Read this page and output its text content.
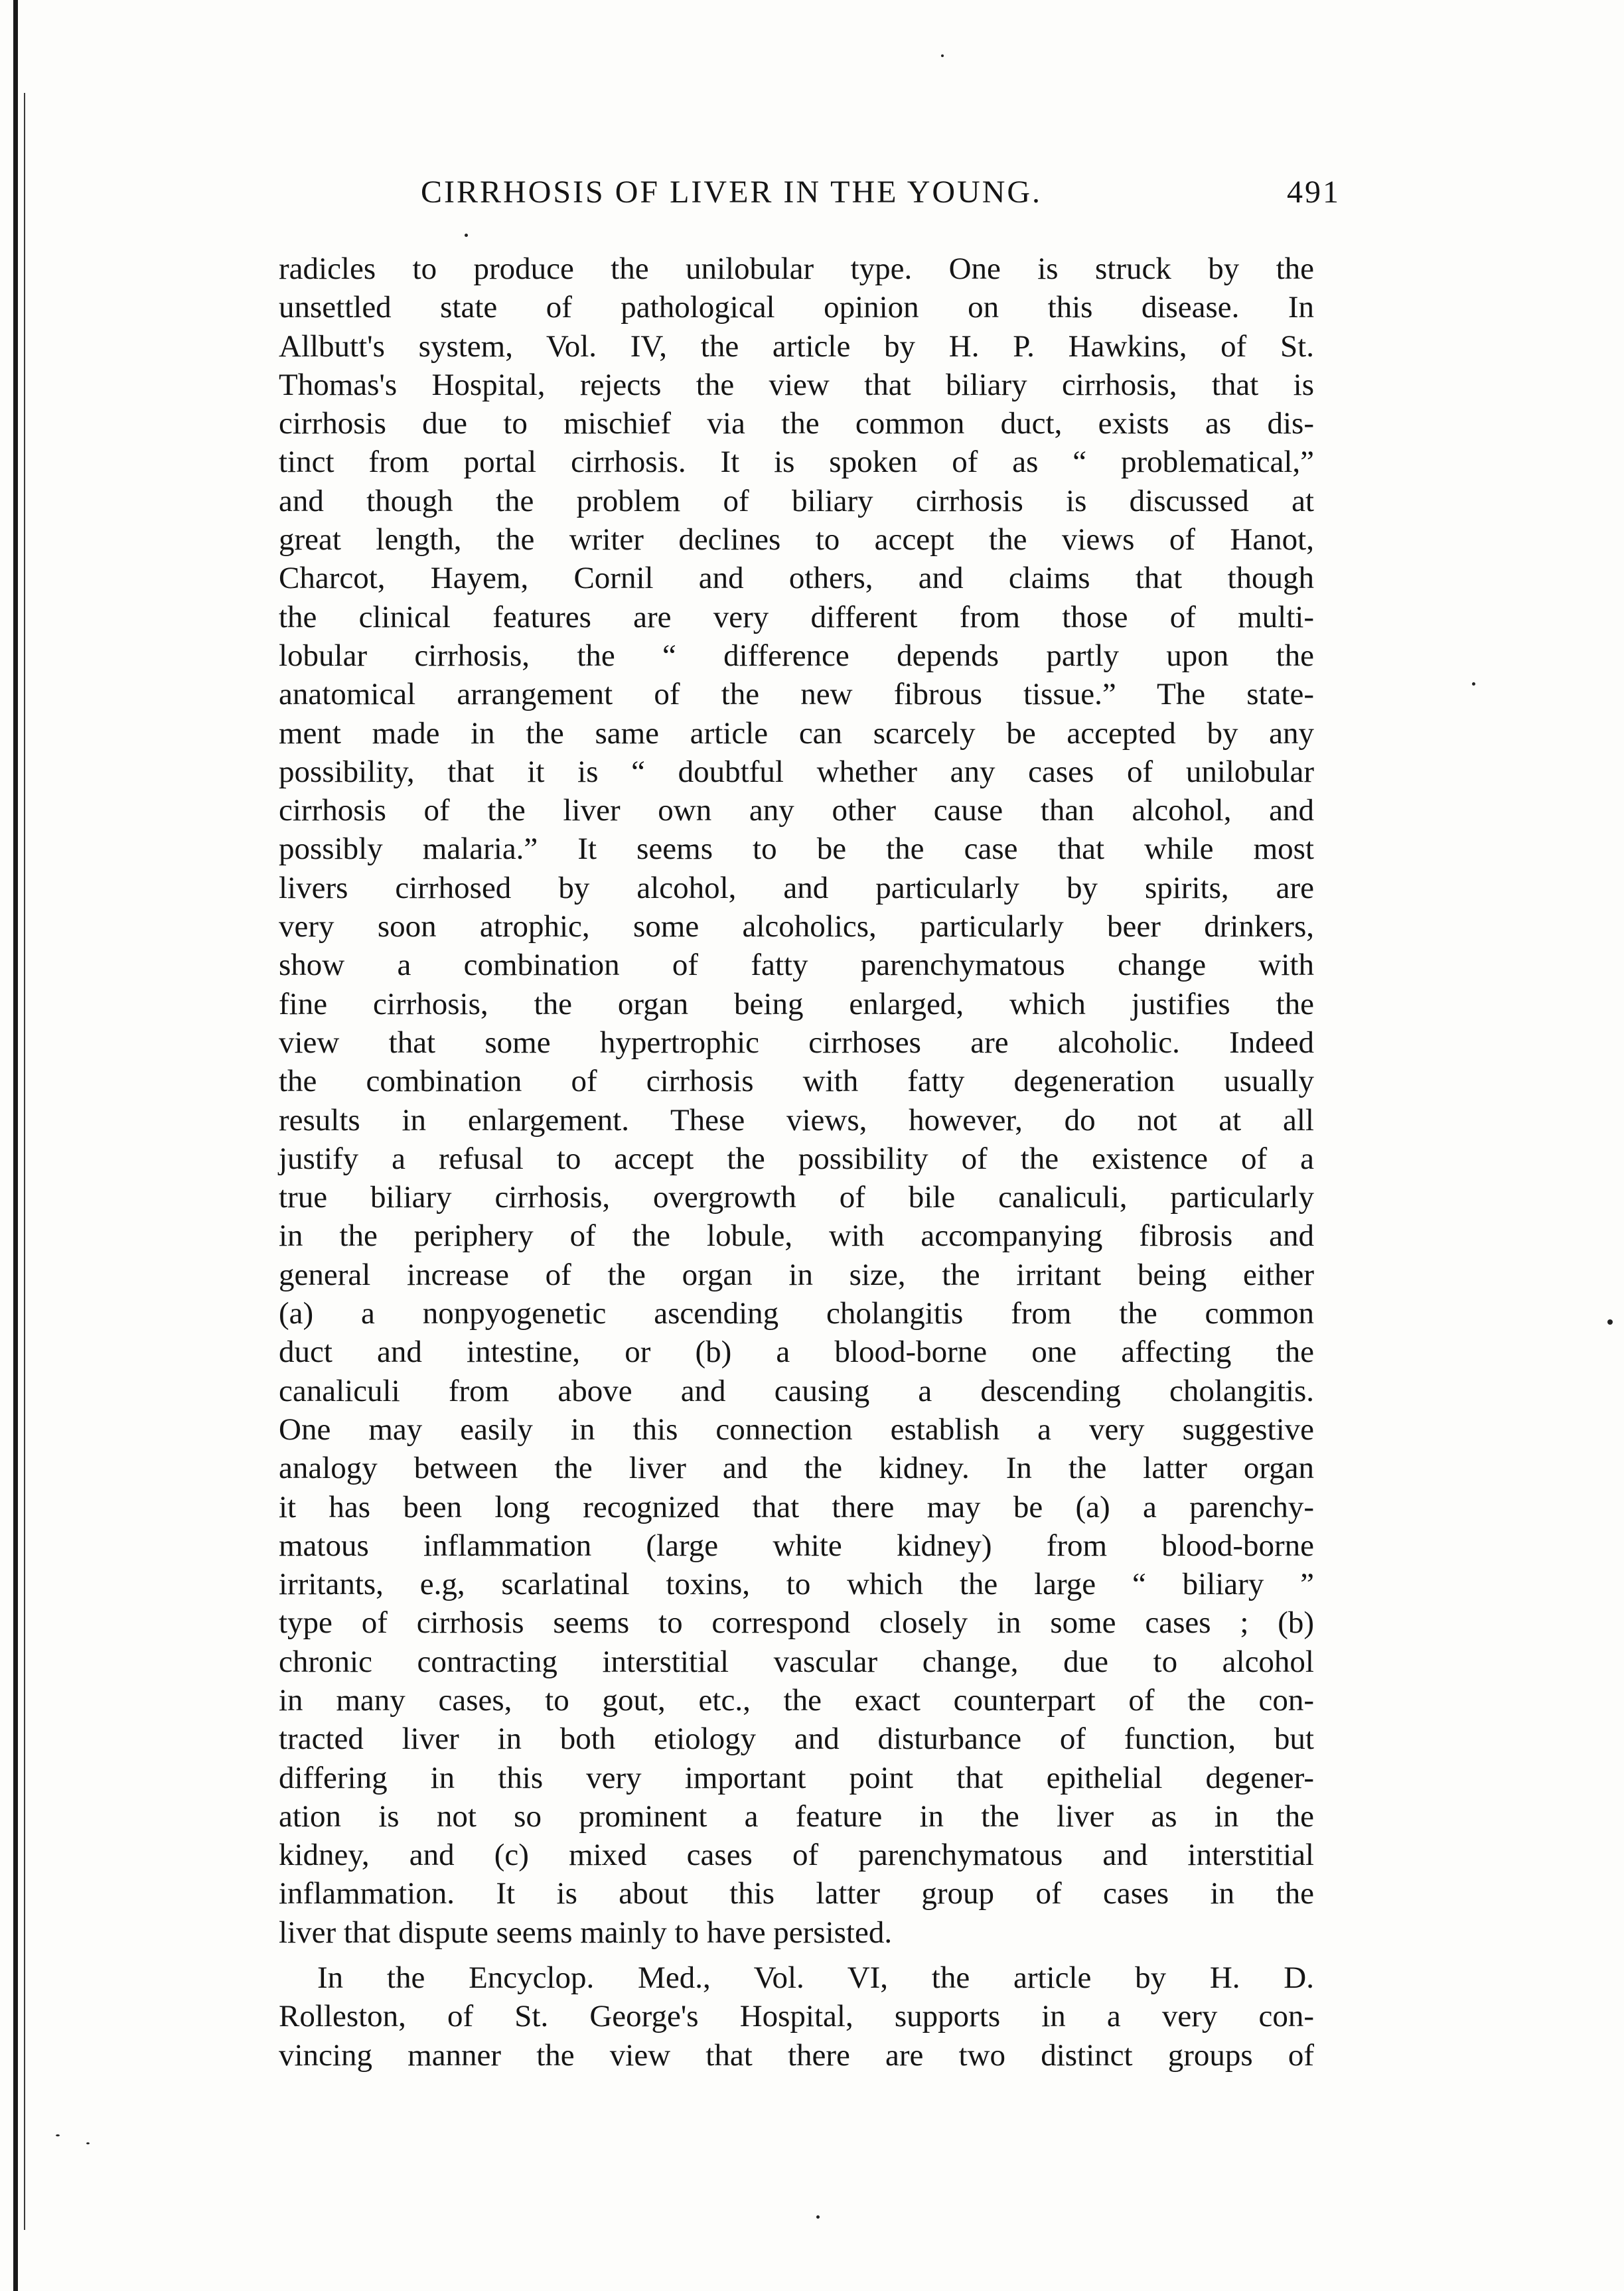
CIRRHOSIS OF LIVER IN THE YOUNG.	491
radicles to produce the unilobular type. One is struck by the
unsettled state of pathological opinion on this disease. In
Allbutt's system, Vol. IV, the article by H. P. Hawkins, of St.
Thomas's Hospital, rejects the view that biliary cirrhosis, that is
cirrhosis due to mischief via the common duct, exists as dis-
tinct from portal cirrhosis. It is spoken of as “ problematical,”
and though the problem of biliary cirrhosis is discussed at
great length, the writer declines to accept the views of Hanot,
Charcot, Hayem, Cornil and others, and claims that though
the clinical features are very different from those of multi-
lobular cirrhosis, the “ difference depends partly upon the
anatomical arrangement of the new fibrous tissue.” The state-
ment made in the same article can scarcely be accepted by any
possibility, that it is “ doubtful whether any cases of unilobular
cirrhosis of the liver own any other cause than alcohol, and
possibly malaria.” It seems to be the case that while most
livers cirrhosed by alcohol, and particularly by spirits, are
very soon atrophic, some alcoholics, particularly beer drinkers,
show a combination of fatty parenchymatous change with
fine cirrhosis, the organ being enlarged, which justifies the
view that some hypertrophic cirrhoses are alcoholic. Indeed
the combination of cirrhosis with fatty degeneration usually
results in enlargement. These views, however, do not at all
justify a refusal to accept the possibility of the existence of a
true biliary cirrhosis, overgrowth of bile canaliculi, particularly
in the periphery of the lobule, with accompanying fibrosis and
general increase of the organ in size, the irritant being either
(a) a nonpyogenetic ascending cholangitis from the common
duct and intestine, or (b) a blood-borne one affecting the
canaliculi from above and causing a descending cholangitis.
One may easily in this connection establish a very suggestive
analogy between the liver and the kidney. In the latter organ
it has been long recognized that there may be (a) a parenchy-
matous inflammation (large white kidney) from blood-borne
irritants, e.g, scarlatinal toxins, to which the large “ biliary ”
type of cirrhosis seems to correspond closely in some cases ; (b)
chronic contracting interstitial vascular change, due to alcohol
in many cases, to gout, etc., the exact counterpart of the con-
tracted liver in both etiology and disturbance of function, but
differing in this very important point that epithelial degener-
ation is not so prominent a feature in the liver as in the
kidney, and (c) mixed cases of parenchymatous and interstitial
inflammation. It is about this latter group of cases in the
liver that dispute seems mainly to have persisted.
In the Encyclop. Med., Vol. VI, the article by H. D.
Rolleston, of St. George's Hospital, supports in a very con-
vincing manner the view that there are two distinct groups of
